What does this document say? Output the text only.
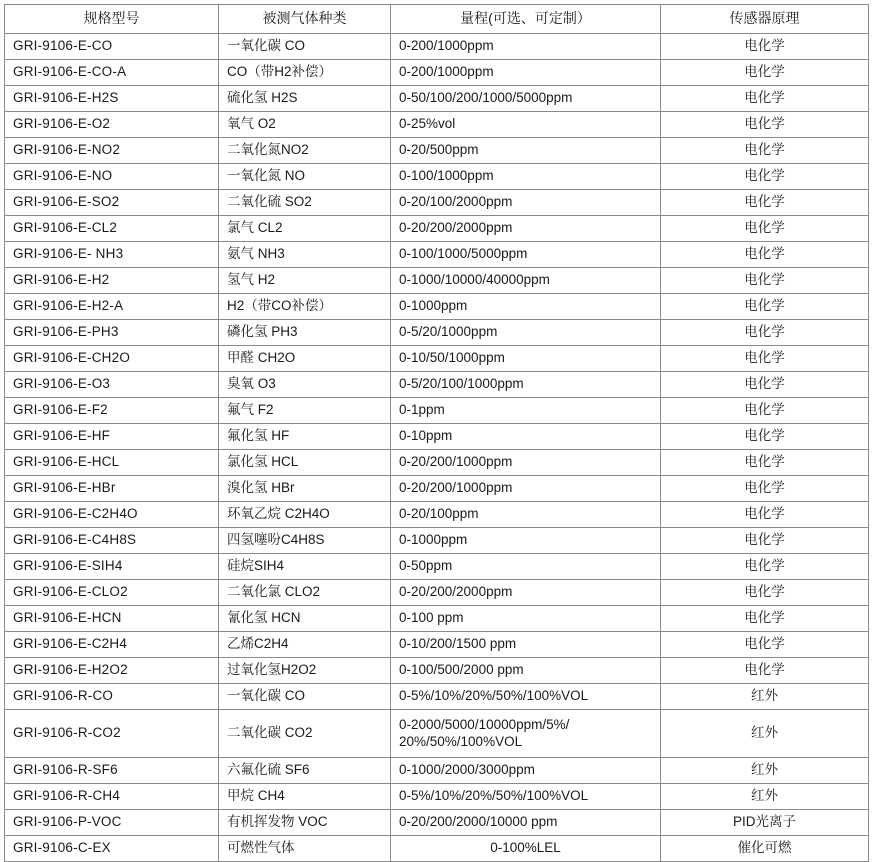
规格型号	被测气体种类	量程(可选、可定制）	传感器原理
GRI-9106-E-CO	一氧化碳 CO	0-200/1000ppm	电化学
GRI-9106-E-CO-A	CO（带H2补偿）	0-200/1000ppm	电化学
GRI-9106-E-H2S	硫化氢 H2S	0-50/100/200/1000/5000ppm	电化学
GRI-9106-E-O2	氧气 O2	0-25%vol	电化学
GRI-9106-E-NO2	二氧化氮NO2	0-20/500ppm	电化学
GRI-9106-E-NO	一氧化氮 NO	0-100/1000ppm	电化学
GRI-9106-E-SO2	二氧化硫 SO2	0-20/100/2000ppm	电化学
GRI-9106-E-CL2	氯气 CL2	0-20/200/2000ppm	电化学
GRI-9106-E- NH3	氨气 NH3	0-100/1000/5000ppm	电化学
GRI-9106-E-H2	氢气 H2	0-1000/10000/40000ppm	电化学
GRI-9106-E-H2-A	H2（带CO补偿）	0-1000ppm	电化学
GRI-9106-E-PH3	磷化氢 PH3	0-5/20/1000ppm	电化学
GRI-9106-E-CH2O	甲醛 CH2O	0-10/50/1000ppm	电化学
GRI-9106-E-O3	臭氧 O3	0-5/20/100/1000ppm	电化学
GRI-9106-E-F2	氟气 F2	0-1ppm	电化学
GRI-9106-E-HF	氟化氢 HF	0-10ppm	电化学
GRI-9106-E-HCL	氯化氢 HCL	0-20/200/1000ppm	电化学
GRI-9106-E-HBr	溴化氢 HBr	0-20/200/1000ppm	电化学
GRI-9106-E-C2H4O	环氧乙烷 C2H4O	0-20/100ppm	电化学
GRI-9106-E-C4H8S	四氢噻吩C4H8S	0-1000ppm	电化学
GRI-9106-E-SIH4	硅烷SIH4	0-50ppm	电化学
GRI-9106-E-CLO2	二氧化氯 CLO2	0-20/200/2000ppm	电化学
GRI-9106-E-HCN	氰化氢 HCN	0-100 ppm	电化学
GRI-9106-E-C2H4	乙烯C2H4	0-10/200/1500 ppm	电化学
GRI-9106-E-H2O2	过氧化氢H2O2	0-100/500/2000 ppm	电化学
GRI-9106-R-CO	一氧化碳 CO	0-5%/10%/20%/50%/100%VOL	红外
GRI-9106-R-CO2	二氧化碳 CO2	0-2000/5000/10000ppm/5%/
20%/50%/100%VOL	红外
GRI-9106-R-SF6	六氟化硫 SF6	0-1000/2000/3000ppm	红外
GRI-9106-R-CH4	甲烷 CH4	0-5%/10%/20%/50%/100%VOL	红外
GRI-9106-P-VOC	有机挥发物 VOC	0-20/200/2000/10000 ppm	PID光离子
GRI-9106-C-EX	可燃性气体	0-100%LEL	催化可燃
